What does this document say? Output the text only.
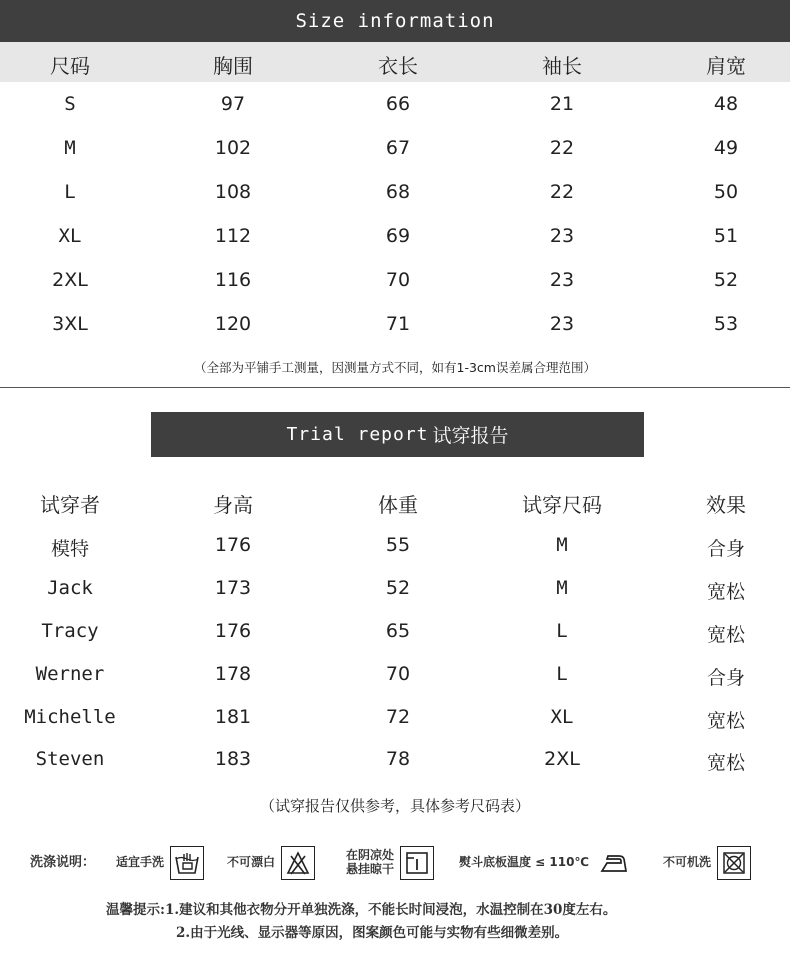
Size information
尺码	胸围	衣长	袖长	肩宽
S	97	66	21	48
M	102	67	22	49
L	108	68	22	50
XL	112	69	23	51
2XL	116	70	23	52
3XL	120	71	23	53
（全部为平铺手工测量，因测量方式不同，如有1-3cm误差属合理范围）
Trial report 试穿报告
试穿者	身高	体重	试穿尺码	效果
模特	176	55	M	合身
Jack	173	52	M	宽松
Tracy	176	65	L	宽松
Werner	178	70	L	合身
Michelle	181	72	XL	宽松
Steven	183	78	2XL	宽松
（试穿报告仅供参考，具体参考尺码表）
洗涤说明： 适宜手洗	不可漂白	在阴凉处
悬挂晾干	熨斗底板温度 ≤ 110℃	不可机洗
温馨提示:1.建议和其他衣物分开单独洗涤，不能长时间浸泡，水温控制在30度左右。
2.由于光线、显示器等原因，图案颜色可能与实物有些细微差别。
